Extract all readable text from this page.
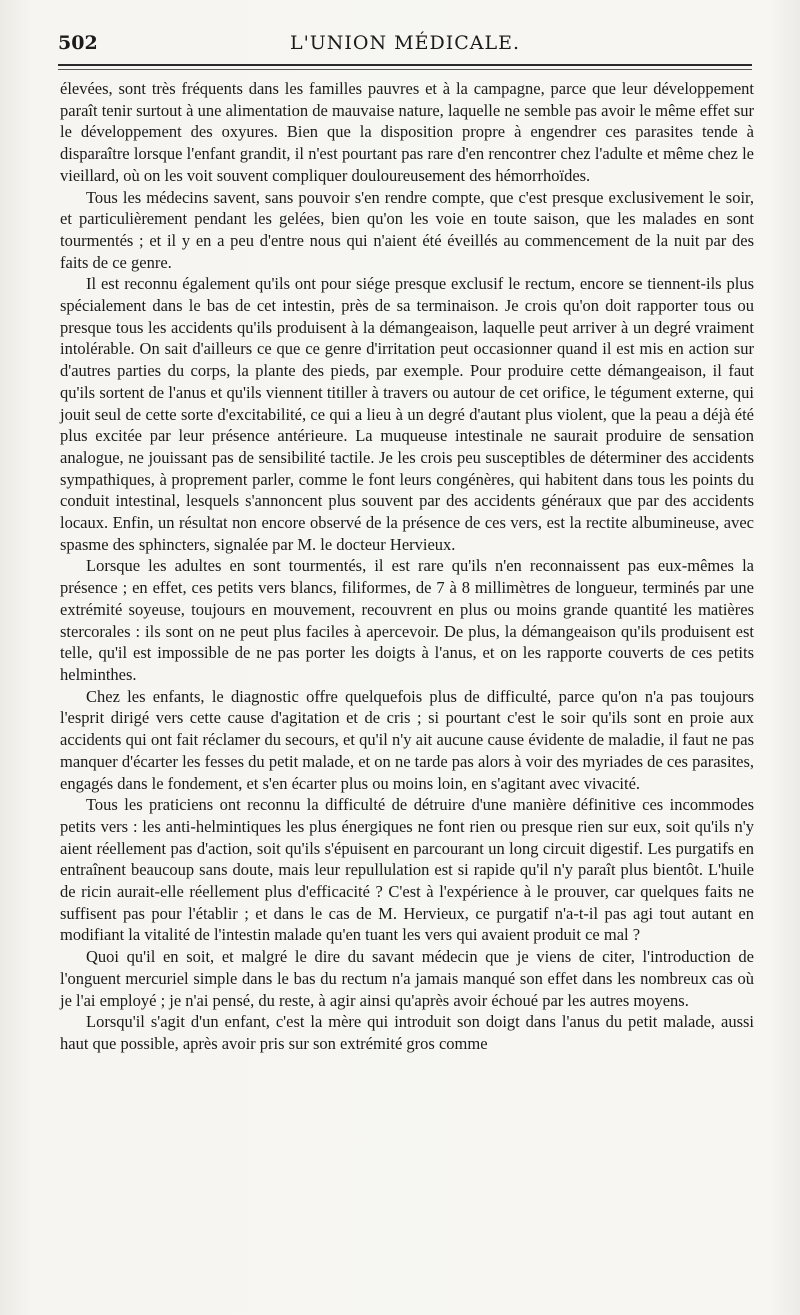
502	L'UNION MÉDICALE.

élevées, sont très fréquents dans les familles pauvres et à la campagne, parce que leur développement paraît tenir surtout à une alimentation de mauvaise nature, laquelle ne semble pas avoir le même effet sur le développement des oxyures. Bien que la disposition propre à engendrer ces parasites tende à disparaître lorsque l'enfant grandit, il n'est pourtant pas rare d'en rencontrer chez l'adulte et même chez le vieillard, où on les voit souvent compliquer douloureusement des hémorrhoïdes.

Tous les médecins savent, sans pouvoir s'en rendre compte, que c'est presque exclusivement le soir, et particulièrement pendant les gelées, bien qu'on les voie en toute saison, que les malades en sont tourmentés ; et il y en a peu d'entre nous qui n'aient été éveillés au commencement de la nuit par des faits de ce genre.

Il est reconnu également qu'ils ont pour siége presque exclusif le rectum, encore se tiennent-ils plus spécialement dans le bas de cet intestin, près de sa terminaison. Je crois qu'on doit rapporter tous ou presque tous les accidents qu'ils produisent à la démangeaison, laquelle peut arriver à un degré vraiment intolérable. On sait d'ailleurs ce que ce genre d'irritation peut occasionner quand il est mis en action sur d'autres parties du corps, la plante des pieds, par exemple. Pour produire cette démangeaison, il faut qu'ils sortent de l'anus et qu'ils viennent titiller à travers ou autour de cet orifice, le tégument externe, qui jouit seul de cette sorte d'excitabilité, ce qui a lieu à un degré d'autant plus violent, que la peau a déjà été plus excitée par leur présence antérieure. La muqueuse intestinale ne saurait produire de sensation analogue, ne jouissant pas de sensibilité tactile. Je les crois peu susceptibles de déterminer des accidents sympathiques, à proprement parler, comme le font leurs congénères, qui habitent dans tous les points du conduit intestinal, lesquels s'annoncent plus souvent par des accidents généraux que par des accidents locaux. Enfin, un résultat non encore observé de la présence de ces vers, est la rectite albumineuse, avec spasme des sphincters, signalée par M. le docteur Hervieux.

Lorsque les adultes en sont tourmentés, il est rare qu'ils n'en reconnaissent pas eux-mêmes la présence ; en effet, ces petits vers blancs, filiformes, de 7 à 8 millimètres de longueur, terminés par une extrémité soyeuse, toujours en mouvement, recouvrent en plus ou moins grande quantité les matières stercorales : ils sont on ne peut plus faciles à apercevoir. De plus, la démangeaison qu'ils produisent est telle, qu'il est impossible de ne pas porter les doigts à l'anus, et on les rapporte couverts de ces petits helminthes.

Chez les enfants, le diagnostic offre quelquefois plus de difficulté, parce qu'on n'a pas toujours l'esprit dirigé vers cette cause d'agitation et de cris ; si pourtant c'est le soir qu'ils sont en proie aux accidents qui ont fait réclamer du secours, et qu'il n'y ait aucune cause évidente de maladie, il faut ne pas manquer d'écarter les fesses du petit malade, et on ne tarde pas alors à voir des myriades de ces parasites, engagés dans le fondement, et s'en écarter plus ou moins loin, en s'agitant avec vivacité.

Tous les praticiens ont reconnu la difficulté de détruire d'une manière définitive ces incommodes petits vers : les anti-helmintiques les plus énergiques ne font rien ou presque rien sur eux, soit qu'ils n'y aient réellement pas d'action, soit qu'ils s'épuisent en parcourant un long circuit digestif. Les purgatifs en entraînent beaucoup sans doute, mais leur repullulation est si rapide qu'il n'y paraît plus bientôt. L'huile de ricin aurait-elle réellement plus d'efficacité ? C'est à l'expérience à le prouver, car quelques faits ne suffisent pas pour l'établir ; et dans le cas de M. Hervieux, ce purgatif n'a-t-il pas agi tout autant en modifiant la vitalité de l'intestin malade qu'en tuant les vers qui avaient produit ce mal ?

Quoi qu'il en soit, et malgré le dire du savant médecin que je viens de citer, l'introduction de l'onguent mercuriel simple dans le bas du rectum n'a jamais manqué son effet dans les nombreux cas où je l'ai employé ; je n'ai pensé, du reste, à agir ainsi qu'après avoir échoué par les autres moyens.

Lorsqu'il s'agit d'un enfant, c'est la mère qui introduit son doigt dans l'anus du petit malade, aussi haut que possible, après avoir pris sur son extrémité gros comme
